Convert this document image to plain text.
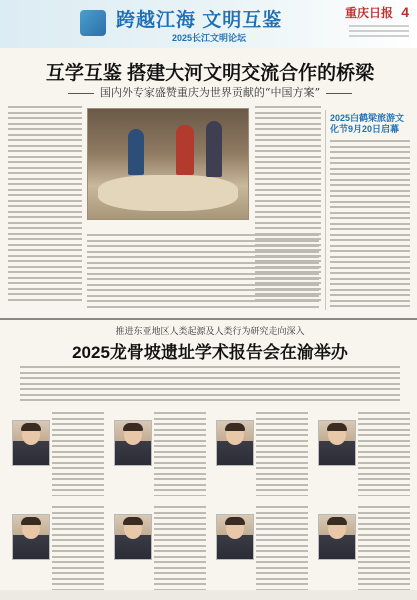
跨越江海 文明互鉴
2025长江文明论坛
重庆日报 4
互学互鉴 搭建大河文明交流合作的桥梁
国内外专家盛赞重庆为世界贡献的“中国方案”
2025白鹤梁旅游文化节9月20日启幕
推进东亚地区人类起源及人类行为研究走向深入
2025龙骨坡遗址学术报告会在渝举办
